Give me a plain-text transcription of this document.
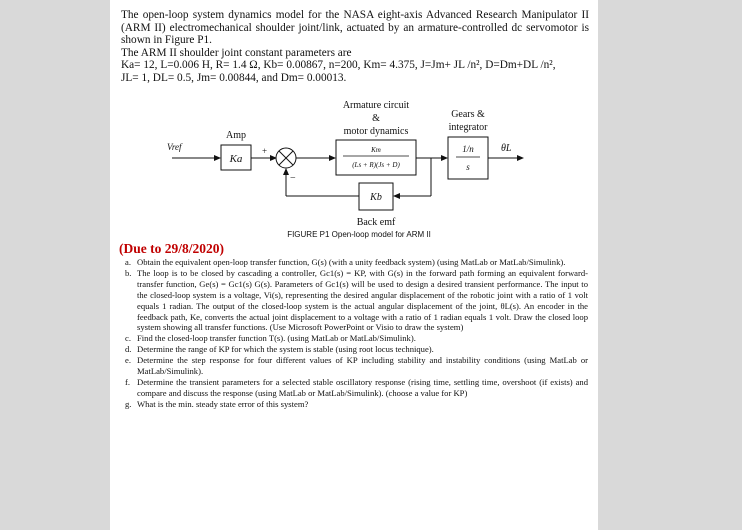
The open-loop system dynamics model for the NASA eight-axis Advanced Research Manipulator II (ARM II) electromechanical shoulder joint/link, actuated by an armature-controlled dc servomotor is shown in Figure P1.

The ARM II shoulder joint constant parameters are

Ka= 12, L=0.006 H, R= 1.4 Ω, Kb= 0.00867, n=200, Km= 4.375, J=Jm+ JL /n², D=Dm+DL /n²,

JL= 1, DL= 0.5, Jm= 0.00844, and Dm= 0.00013.

Armature circuit
&
motor dynamics
Gears &
integrator
Amp
Vref
Ka
+
−
Km
(Ls + R)(Js + D)
1/n
s
θL
Kb
Back emf
FIGURE P1 Open-loop model for ARM II
(Due to 29/8/2020)
a. Obtain the equivalent open-loop transfer function, G(s) (with a unity feedback system) (using MatLab or MatLab/Simulink).
b. The loop is to be closed by cascading a controller, Gc1(s) = KP, with G(s) in the forward path forming an equivalent forward-transfer function, Ge(s) = Gc1(s) G(s). Parameters of Gc1(s) will be used to design a desired transient performance. The input to the closed-loop system is a voltage, Vi(s), representing the desired angular displacement of the robotic joint with a ratio of 1 volt equals 1 radian. The output of the closed-loop system is the actual angular displacement of the joint, θL(s). An encoder in the feedback path, Ke, converts the actual joint displacement to a voltage with a ratio of 1 radian equals 1 volt. Draw the closed loop system showing all transfer functions. (Use Microsoft PowerPoint or Visio to draw the system)
c. Find the closed-loop transfer function T(s). (using MatLab or MatLab/Simulink).
d. Determine the range of KP for which the system is stable (using root locus technique).
e. Determine the step response for four different values of KP including stability and instability conditions (using MatLab or MatLab/Simulink).
f. Determine the transient parameters for a selected stable oscillatory response (rising time, settling time, overshoot (if exists) and compare and discuss the response (using MatLab or MatLab/Simulink). (choose a value for KP)
g. What is the min. steady state error of this system?
